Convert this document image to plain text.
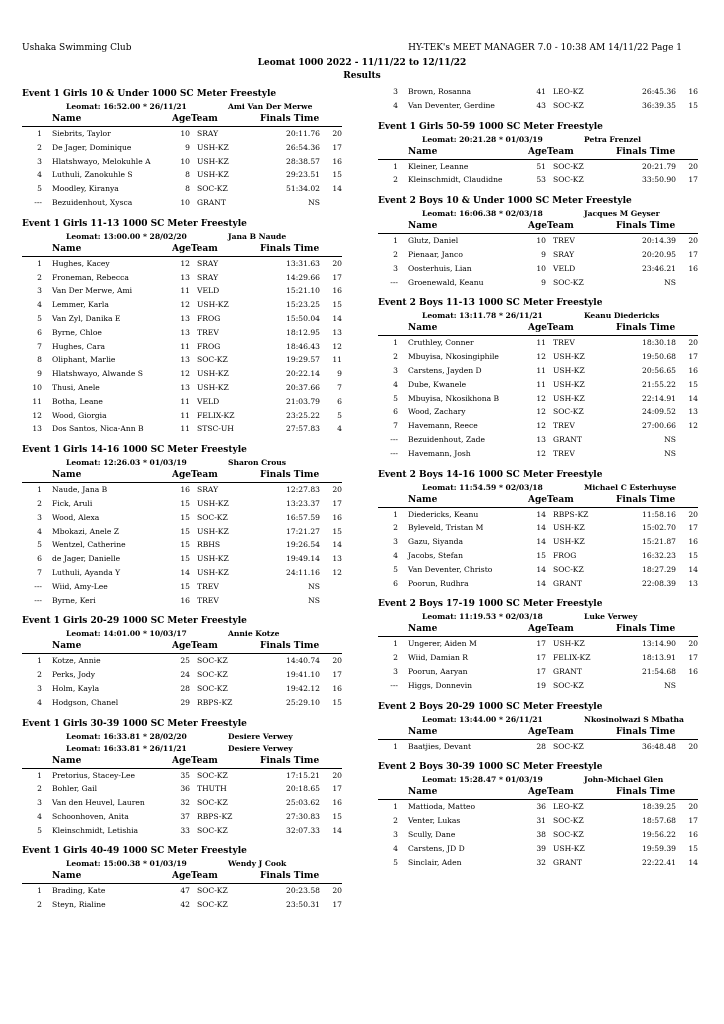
Ushaka Swimming Club	HY-TEK's MEET MANAGER 7.0 - 10:38 AM 14/11/22 Page 1
Leomat 1000 2022 - 11/11/22 to 12/11/22
Results
Event 1 Girls 10 & Under 1000 SC Meter Freestyle
Leomat: 16:52.00 * 26/11/21	Ami Van Der Merwe
Name	AgeTeam	Finals Time
1 Siebrits, Taylor	10 SRAY	20:11.76	20
2 De Jager, Dominique	9 USH-KZ	26:54.36	17
3 Hlatshwayo, Melokuhle A	10 USH-KZ	28:38.57	16
4 Luthuli, Zanokuhle S	8 USH-KZ	29:23.51	15
5 Moodley, Kiranya	8 SOC-KZ	51:34.02	14
--- Bezuidenhout, Xysca	10 GRANT	NS
Event 1 Girls 11-13 1000 SC Meter Freestyle
Leomat: 13:00.00 * 28/02/20	Jana B Naude
Name	AgeTeam	Finals Time
1 Hughes, Kacey	12 SRAY	13:31.63	20
2 Froneman, Rebecca	13 SRAY	14:29.66	17
3 Van Der Merwe, Ami	11 VELD	15:21.10	16
4 Lemmer, Karla	12 USH-KZ	15:23.25	15
5 Van Zyl, Danika E	13 FROG	15:50.04	14
6 Byrne, Chloe	13 TREV	18:12.95	13
7 Hughes, Cara	11 FROG	18:46.43	12
8 Oliphant, Marlie	13 SOC-KZ	19:29.57	11
9 Hlatshwayo, Alwande S	12 USH-KZ	20:22.14	9
10 Thusi, Anele	13 USH-KZ	20:37.66	7
11 Botha, Leane	11 VELD	21:03.79	6
12 Wood, Giorgia	11 FELIX-KZ	23:25.22	5
13 Dos Santos, Nica-Ann B	11 STSC-UH	27:57.83	4
Event 1 Girls 14-16 1000 SC Meter Freestyle
Leomat: 12:26.03 * 01/03/19	Sharon Crous
Name	AgeTeam	Finals Time
1 Naude, Jana B	16 SRAY	12:27.83	20
2 Fick, Aruli	15 USH-KZ	13:23.37	17
3 Wood, Alexa	15 SOC-KZ	16:57.59	16
4 Mbokazi, Anele Z	15 USH-KZ	17:21.27	15
5 Wentzel, Catherine	15 RBHS	19:26.54	14
6 de Jager, Danielle	15 USH-KZ	19:49.14	13
7 Luthuli, Ayanda Y	14 USH-KZ	24:11.16	12
--- Wiid, Amy-Lee	15 TREV	NS
--- Byrne, Keri	16 TREV	NS
Event 1 Girls 20-29 1000 SC Meter Freestyle
Leomat: 14:01.00 * 10/03/17	Annie Kotze
Name	AgeTeam	Finals Time
1 Kotze, Annie	25 SOC-KZ	14:40.74	20
2 Perks, Jody	24 SOC-KZ	19:41.10	17
3 Holm, Kayla	28 SOC-KZ	19:42.12	16
4 Hodgson, Chanel	29 RBPS-KZ	25:29.10	15
Event 1 Girls 30-39 1000 SC Meter Freestyle
Leomat: 16:33.81 * 28/02/20	Desiere Verwey
Leomat: 16:33.81 * 26/11/21	Desiere Verwey
Name	AgeTeam	Finals Time
1 Pretorius, Stacey-Lee	35 SOC-KZ	17:15.21	20
2 Bohler, Gail	36 THUTH	20:18.65	17
3 Van den Heuvel, Lauren	32 SOC-KZ	25:03.62	16
4 Schoonhoven, Anita	37 RBPS-KZ	27:30.83	15
5 Kleinschmidt, Letishia	33 SOC-KZ	32:07.33	14
Event 1 Girls 40-49 1000 SC Meter Freestyle
Leomat: 15:00.38 * 01/03/19	Wendy J Cook
Name	AgeTeam	Finals Time
1 Brading, Kate	47 SOC-KZ	20:23.58	20
2 Steyn, Rialine	42 SOC-KZ	23:50.31	17
3 Brown, Rosanna	41 LEO-KZ	26:45.36	16
4 Van Deventer, Gerdine	43 SOC-KZ	36:39.35	15
Event 1 Girls 50-59 1000 SC Meter Freestyle
Leomat: 20:21.28 * 01/03/19	Petra Frenzel
Name	AgeTeam	Finals Time
1 Kleiner, Leanne	51 SOC-KZ	20:21.79	20
2 Kleinschmidt, Claudidne	53 SOC-KZ	33:50.90	17
Event 2 Boys 10 & Under 1000 SC Meter Freestyle
Leomat: 16:06.38 * 02/03/18	Jacques M Geyser
Name	AgeTeam	Finals Time
1 Glutz, Daniel	10 TREV	20:14.39	20
2 Pienaar, Janco	9 SRAY	20:20.95	17
3 Oosterhuis, Lian	10 VELD	23:46.21	16
--- Groenewald, Keanu	9 SOC-KZ	NS
Event 2 Boys 11-13 1000 SC Meter Freestyle
Leomat: 13:11.78 * 26/11/21	Keanu Diedericks
Name	AgeTeam	Finals Time
1 Cruthley, Conner	11 TREV	18:30.18	20
2 Mbuyisa, Nkosingiphile	12 USH-KZ	19:50.68	17
3 Carstens, Jayden D	11 USH-KZ	20:56.65	16
4 Dube, Kwanele	11 USH-KZ	21:55.22	15
5 Mbuyisa, Nkosikhona B	12 USH-KZ	22:14.91	14
6 Wood, Zachary	12 SOC-KZ	24:09.52	13
7 Havemann, Reece	12 TREV	27:00.66	12
--- Bezuidenhout, Zade	13 GRANT	NS
--- Havemann, Josh	12 TREV	NS
Event 2 Boys 14-16 1000 SC Meter Freestyle
Leomat: 11:54.59 * 02/03/18	Michael C Esterhuyse
Name	AgeTeam	Finals Time
1 Diedericks, Keanu	14 RBPS-KZ	11:58.16	20
2 Byleveld, Tristan M	14 USH-KZ	15:02.70	17
3 Gazu, Siyanda	14 USH-KZ	15:21.87	16
4 Jacobs, Stefan	15 FROG	16:32.23	15
5 Van Deventer, Christo	14 SOC-KZ	18:27.29	14
6 Poorun, Rudhra	14 GRANT	22:08.39	13
Event 2 Boys 17-19 1000 SC Meter Freestyle
Leomat: 11:19.53 * 02/03/18	Luke Verwey
Name	AgeTeam	Finals Time
1 Ungerer, Aiden M	17 USH-KZ	13:14.90	20
2 Wiid, Damian R	17 FELIX-KZ	18:13.91	17
3 Poorun, Aaryan	17 GRANT	21:54.68	16
--- Higgs, Donnevin	19 SOC-KZ	NS
Event 2 Boys 20-29 1000 SC Meter Freestyle
Leomat: 13:44.00 * 26/11/21	Nkosinolwazi S Mbatha
Name	AgeTeam	Finals Time
1 Baatjies, Devant	28 SOC-KZ	36:48.48	20
Event 2 Boys 30-39 1000 SC Meter Freestyle
Leomat: 15:28.47 * 01/03/19	John-Michael Glen
Name	AgeTeam	Finals Time
1 Mattioda, Matteo	36 LEO-KZ	18:39.25	20
2 Venter, Lukas	31 SOC-KZ	18:57.68	17
3 Scully, Dane	38 SOC-KZ	19:56.22	16
4 Carstens, JD D	39 USH-KZ	19:59.39	15
5 Sinclair, Aden	32 GRANT	22:22.41	14
